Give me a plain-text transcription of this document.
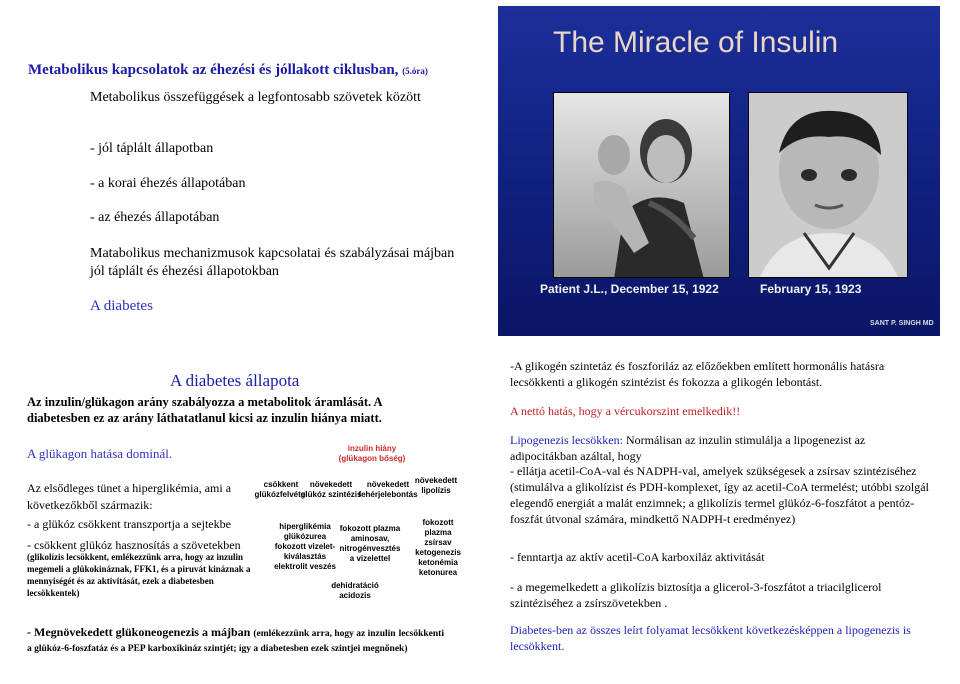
Metabolikus kapcsolatok az éhezési és jóllakott ciklusban, (5.óra)
Metabolikus összefüggések a legfontosabb szövetek között
- jól táplált állapotban
- a korai éhezés állapotában
- az éhezés állapotában
Matabolikus mechanizmusok kapcsolatai és szabályzásai májban jól táplált és éhezési állapotokban
A diabetes
The Miracle of Insulin
Patient J.L., December 15, 1922	February 15, 1923
SANT P. SINGH MD
A diabetes állapota
Az inzulin/glükagon arány szabályozza a metabolitok áramlását. A diabetesben ez az arány láthatatlanul kicsi az inzulin hiánya miatt.
A glükagon hatása dominál.
Az elsődleges tünet a hiperglikémia, ami a következőkből származik:
- a glükóz csökkent transzportja a sejtekbe
- csökkent glükóz hasznosítás a szövetekben
(glikolízis lecsökkent, emlékezzünk arra, hogy az inzulin megemeli a glükokináznak, FFK1, és a piruvát kináznak a mennyiségét és az aktivitását, ezek a diabetesben lecsökkentek)
inzulin hiány
(glükagon bőség)
csökkent
glükózfelvétel
növekedett
glükóz szintézis
növekedett
fehérjelebontás
növekedett
lipolízis
hiperglikémia
glükózurea
fokozott vizelet-
kiválasztás
elektrolit veszés
fokozott plazma
aminosav,
nitrogénvesztés
a vizelettel
fokozott
plazma
zsírsav
ketogenezis
ketonémia
ketonurea
dehidratáció
acidozis
- Megnövekedett glükoneogenezis a májban (emlékezzünk arra, hogy az inzulin lecsökkenti a glükóz-6-foszfatáz és a PEP karboxikináz szintjét; így a diabetesben ezek szintjei megnőnek)
-A glikogén szintetáz és foszforiláz az előzőekben említett hormonális hatásra lecsökkenti a glikogén szintézist és fokozza a glikogén lebontást.
A nettó hatás, hogy a vércukorszint emelkedik!!
Lipogenezis lecsökken: Normálisan az inzulin stimulálja a lipogenezist az adipocitákban azáltal, hogy
- ellátja acetil-CoA-val és NADPH-val, amelyek szükségesek a zsírsav szintéziséhez (stimulálva a glikolízist és PDH-komplexet, így az acetil-CoA termelést; utóbbi szolgál elegendő energiát a malát enzimnek; a glikolízis termel glükóz-6-foszfátot a pentóz-foszfát útvonal számára, mindkettő NADPH-t eredményez)
- fenntartja az aktív acetil-CoA karboxiláz aktivitását
- a megemelkedett a glikolízis biztosítja a glicerol-3-foszfátot a triacilglicerol szintéziséhez a zsírszövetekben .
Diabetes-ben az összes leírt folyamat lecsökkent következésképpen a lipogenezis is lecsökkent.
